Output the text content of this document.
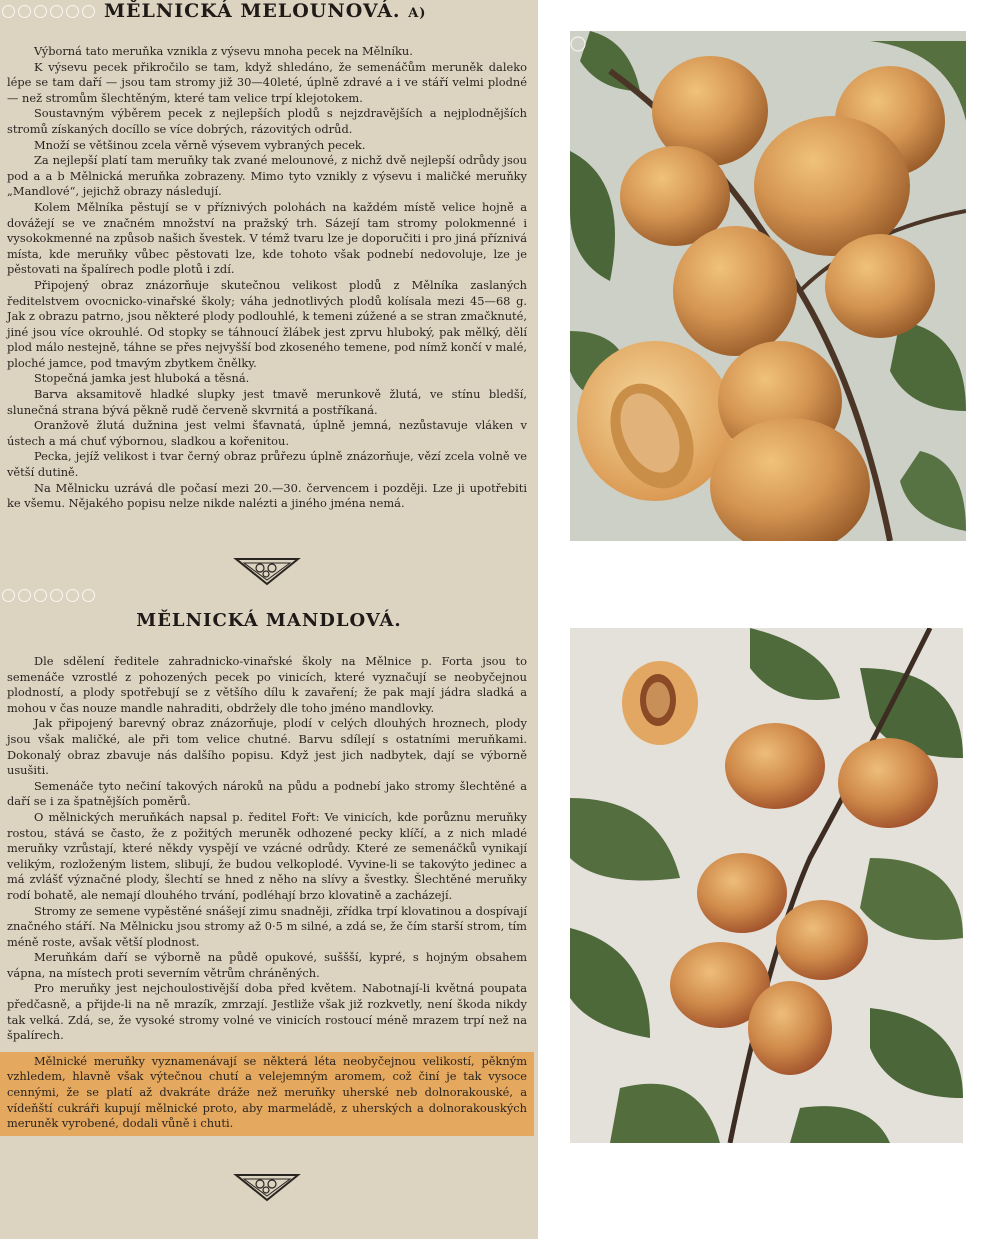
MĚLNICKÁ MELOUNOVÁ. A)

Výborná tato meruňka vznikla z výsevu mnoha pecek na Mělníku.

K výsevu pecek přikročilo se tam, když shledáno, že semenáčům meruněk daleko lépe se tam daří — jsou tam stromy již 30—40leté, úplně zdravé a i ve stáří velmi plodné — než stromům šlechtěným, které tam velice trpí klejotokem.

Soustavným výběrem pecek z nejlepších plodů s nejzdravějších a nejplodnějších stromů získaných docíllo se více dobrých, rázovitých odrůd.

Množí se většinou zcela věrně výsevem vybraných pecek.

Za nejlepší platí tam meruňky tak zvané melounové, z nichž dvě nejlepší odrůdy jsou pod a a b Mělnická meruňka zobrazeny. Mimo tyto vznikly z výsevu i maličké meruňky „Mandlové“, jejichž obrazy následují.

Kolem Mělníka pěstují se v příznivých polohách na každém místě velice hojně a dovážejí se ve značném množství na pražský trh. Sázejí tam stromy polokmenné i vysokokmenné na způsob našich švestek. V témž tvaru lze je doporučiti i pro jiná příznivá místa, kde meruňky vůbec pěstovati lze, kde tohoto však podnebí nedovoluje, lze je pěstovati na špalírech podle plotů i zdí.

Připojený obraz znázorňuje skutečnou velikost plodů z Mělníka zaslaných ředitelstvem ovocnicko-vinařské školy; váha jednotlivých plodů kolísala mezi 45—68 g. Jak z obrazu patrno, jsou některé plody podlouhlé, k temeni zúžené a se stran zmačknuté, jiné jsou více okrouhlé. Od stopky se táhnoucí žlábek jest zprvu hluboký, pak mělký, dělí plod málo nestejně, táhne se přes nejvyšší bod zkoseného temene, pod nímž končí v malé, ploché jamce, pod tmavým zbytkem čnělky.

Stopečná jamka jest hluboká a těsná.

Barva aksamitově hladké slupky jest tmavě merunkově žlutá, ve stínu bledší, slunečná strana bývá pěkně rudě červeně skvrnitá a postříkaná.

Oranžově žlutá dužnina jest velmi šťavnatá, úplně jemná, nezůstavuje vláken v ústech a má chuť výbornou, sladkou a kořenitou.

Pecka, jejíž velikost i tvar černý obraz průřezu úplně znázorňuje, vězí zcela volně ve větší dutině.

Na Mělnicku uzrává dle počasí mezi 20.—30. červencem i později. Lze ji upotřebiti ke všemu. Nějakého popisu nelze nikde nalézti a jiného jména nemá.

MĚLNICKÁ MANDLOVÁ.

Dle sdělení ředitele zahradnicko-vinařské školy na Mělnice p. Forta jsou to semenáče vzrostlé z pohozených pecek po vinicích, které vyznačují se neobyčejnou plodností, a plody spotřebují se z většího dílu k zavaření; že pak mají jádra sladká a mohou v čas nouze mandle nahraditi, obdržely dle toho jméno mandlovky.

Jak připojený barevný obraz znázorňuje, plodí v celých dlouhých hroznech, plody jsou však maličké, ale při tom velice chutné. Barvu sdílejí s ostatními meruňkami. Dokonalý obraz zbavuje nás dalšího popisu. Když jest jich nadbytek, dají se výborně usušiti.

Semenáče tyto nečiní takových nároků na půdu a podnebí jako stromy šlechtěné a daří se i za špatnějších poměrů.

O mělnických meruňkách napsal p. ředitel Fořt: Ve vinicích, kde porůznu meruňky rostou, stává se často, že z požitých meruněk odhozené pecky klíčí, a z nich mladé meruňky vzrůstají, které někdy vyspějí ve vzácné odrůdy. Které ze semenáčků vynikají velikým, rozloženým listem, slibují, že budou velkoplodé. Vyvine-li se takovýto jedinec a má zvlášť význačné plody, šlechtí se hned z něho na slívy a švestky. Šlechtěné meruňky rodí bohatě, ale nemají dlouhého trvání, podléhají brzo klovatině a zacházejí.

Stromy ze semene vypěstěné snášejí zimu snadněji, zřídka trpí klovatinou a dospívají značného stáří. Na Mělnicku jsou stromy až 0·5 m silné, a zdá se, že čím starší strom, tím méně roste, avšak větší plodnost.

Meruňkám daří se výborně na půdě opukové, suššší, kypré, s hojným obsahem vápna, na místech proti severním větrům chráněných.

Pro meruňky jest nejchoulostivější doba před květem. Nabotnají-li květná poupata předčasně, a přijde-li na ně mrazík, zmrzají. Jestliže však již rozkvetly, není škoda nikdy tak velká. Zdá, se, že vysoké stromy volné ve vinicích rostoucí méně mrazem trpí než na špalírech.

Mělnické meruňky vyznamenávají se některá léta neobyčejnou velikostí, pěkným vzhledem, hlavně však výtečnou chutí a velejemným aromem, což činí je tak vysoce cennými, že se platí až dvakráte dráže než meruňky uherské neb dolnorakouské, a vídeňští cukráři kupují mělnické proto, aby marmeládě, z uherských a dolnorakouských meruněk vyrobené, dodali vůně i chuti.
